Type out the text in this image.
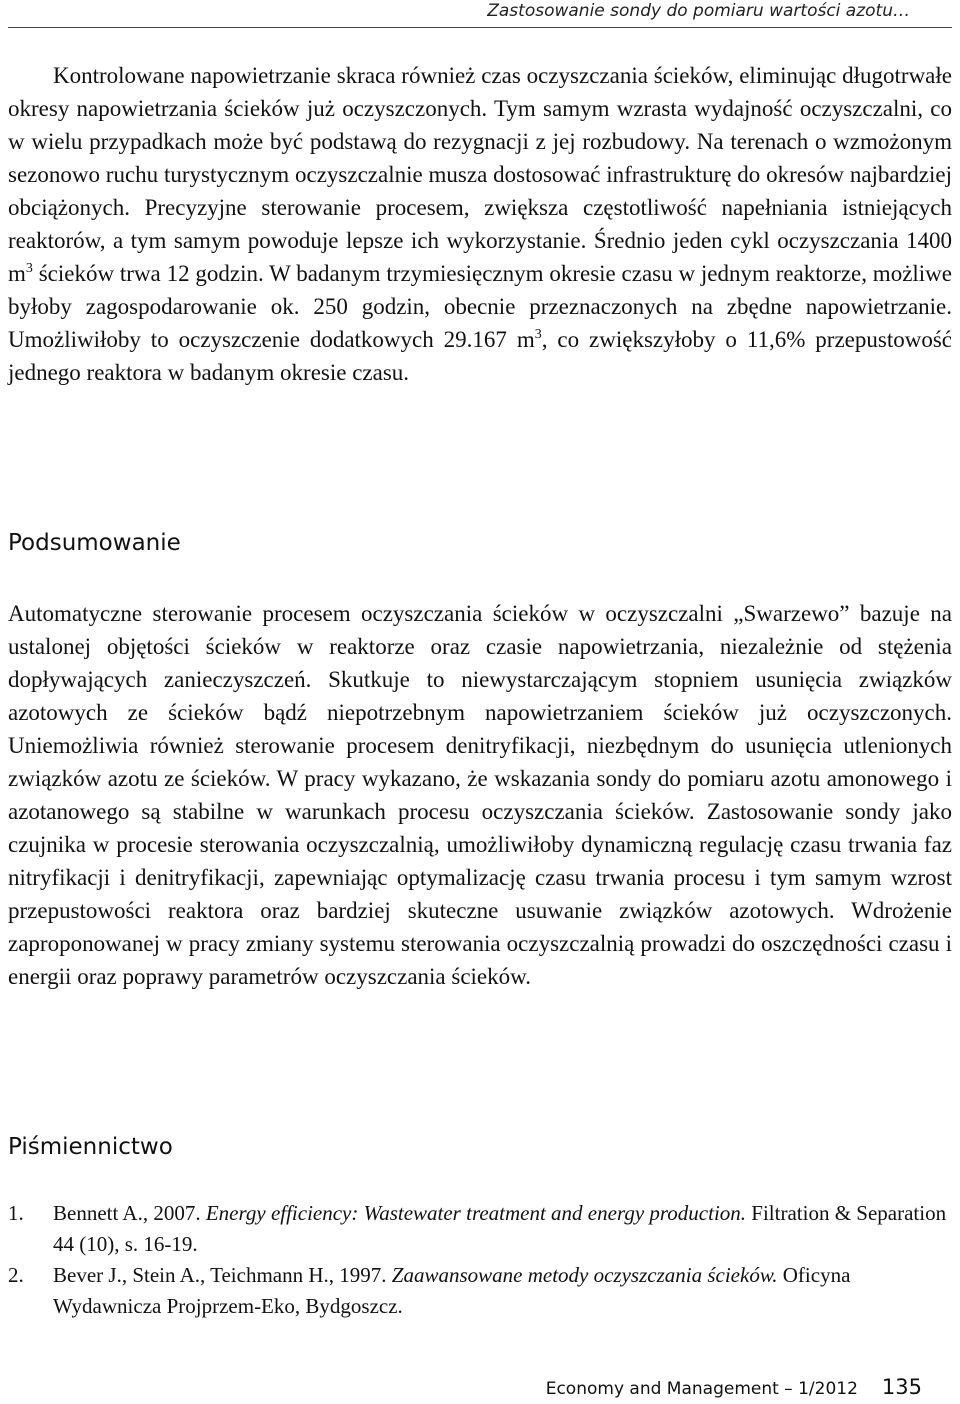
Zastosowanie sondy do pomiaru wartości azotu…

Kontrolowane napowietrzanie skraca również czas oczyszczania ścieków, eliminując długotrwałe okresy napowietrzania ścieków już oczyszczonych. Tym samym wzrasta wydajność oczyszczalni, co w wielu przypadkach może być podstawą do rezygnacji z jej rozbudowy. Na terenach o wzmożonym sezonowo ruchu turystycznym oczyszczalnie musza dostosować infrastrukturę do okresów najbardziej obciążonych. Precyzyjne sterowanie procesem, zwiększa częstotliwość napełniania istniejących reaktorów, a tym samym powoduje lepsze ich wykorzystanie. Średnio jeden cykl oczyszczania 1400 $m^3$ ścieków trwa 12 godzin. W badanym trzymiesięcznym okresie czasu w jednym reaktorze, możliwe byłoby zagospodarowanie ok. 250 godzin, obecnie przeznaczonych na zbędne napowietrzanie. Umożliwiłoby to oczyszczenie dodatkowych 29.167 $m^3$, co zwiększyłoby o 11,6% przepustowość jednego reaktora w badanym okresie czasu.

Podsumowanie

Automatyczne sterowanie procesem oczyszczania ścieków w oczyszczalni „Swarzewo” bazuje na ustalonej objętości ścieków w reaktorze oraz czasie napowietrzania, niezależnie od stężenia dopływających zanieczyszczeń. Skutkuje to niewystarczającym stopniem usunięcia związków azotowych ze ścieków bądź niepotrzebnym napowietrzaniem ścieków już oczyszczonych. Uniemożliwia również sterowanie procesem denitryfikacji, niezbędnym do usunięcia utlenionych związków azotu ze ścieków. W pracy wykazano, że wskazania sondy do pomiaru azotu amonowego i azotanowego są stabilne w warunkach procesu oczyszczania ścieków. Zastosowanie sondy jako czujnika w procesie sterowania oczyszczalnią, umożliwiłoby dynamiczną regulację czasu trwania faz nitryfikacji i denitryfikacji, zapewniając optymalizację czasu trwania procesu i tym samym wzrost przepustowości reaktora oraz bardziej skuteczne usuwanie związków azotowych. Wdrożenie zaproponowanej w pracy zmiany systemu sterowania oczyszczalnią prowadzi do oszczędności czasu i energii oraz poprawy parametrów oczyszczania ścieków.

Piśmiennictwo
1. Bennett A., 2007. Energy efficiency: Wastewater treatment and energy production. Filtration & Separation 44 (10), s. 16-19.
2. Bever J., Stein A., Teichmann H., 1997. Zaawansowane metody oczyszczania ścieków. Oficyna Wydawnicza Projprzem-Eko, Bydgoszcz.
Economy and Management – 1/2012 135
